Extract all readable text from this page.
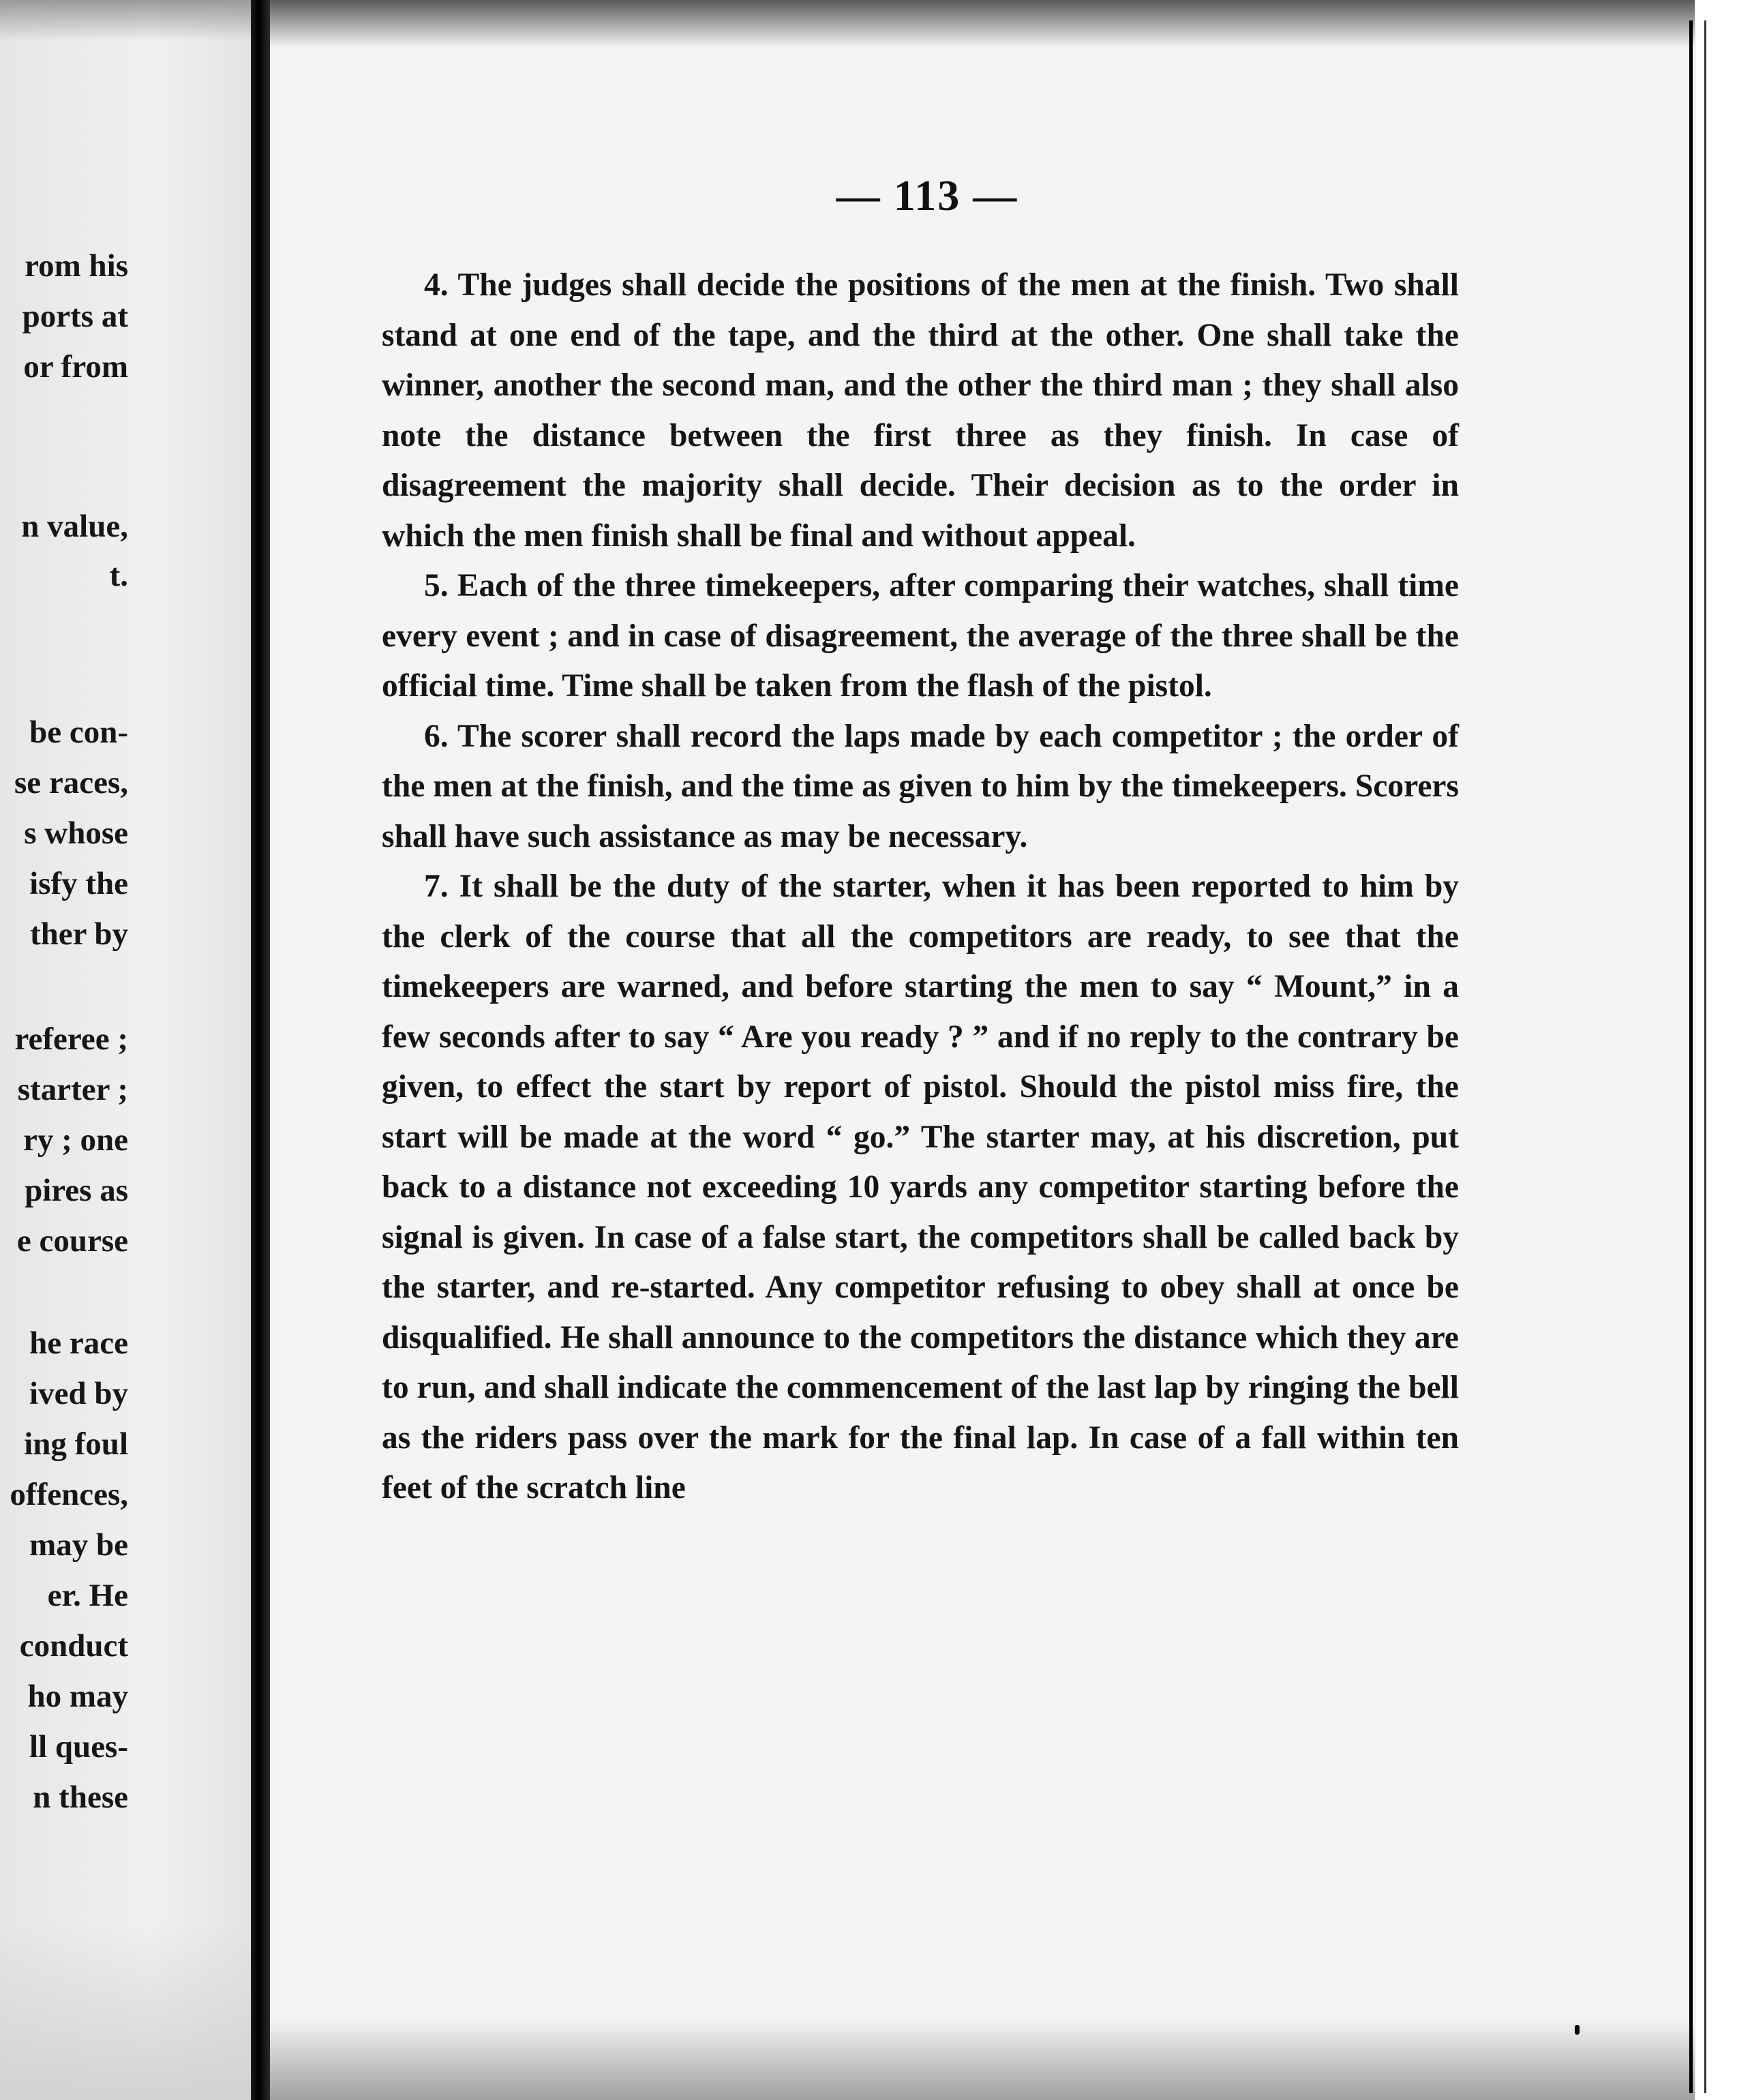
rom his

ports at

or from

n value,

t.

be con-

se races,

s whose

isfy the

ther by

referee ;

starter ;

ry ; one

pires as

e course

he race

ived by

ing foul

offences,

may be

er. He

conduct

ho may

ll ques-

n these

— 113 —

4. The judges shall decide the positions of the men at the finish. Two shall stand at one end of the tape, and the third at the other. One shall take the winner, another the second man, and the other the third man ; they shall also note the distance between the first three as they finish. In case of disagreement the majority shall decide. Their decision as to the order in which the men finish shall be final and without appeal.

5. Each of the three timekeepers, after comparing their watches, shall time every event ; and in case of disagreement, the average of the three shall be the official time. Time shall be taken from the flash of the pistol.

6. The scorer shall record the laps made by each competitor ; the order of the men at the finish, and the time as given to him by the timekeepers. Scorers shall have such assistance as may be necessary.

7. It shall be the duty of the starter, when it has been reported to him by the clerk of the course that all the competitors are ready, to see that the timekeepers are warned, and before starting the men to say “ Mount,” in a few seconds after to say “ Are you ready ? ” and if no reply to the contrary be given, to effect the start by report of pistol. Should the pistol miss fire, the start will be made at the word “ go.” The starter may, at his discretion, put back to a distance not exceeding 10 yards any competitor starting before the signal is given. In case of a false start, the competitors shall be called back by the starter, and re-started. Any competitor refusing to obey shall at once be disqualified. He shall announce to the competitors the distance which they are to run, and shall indicate the commencement of the last lap by ringing the bell as the riders pass over the mark for the final lap. In case of a fall within ten feet of the scratch line
